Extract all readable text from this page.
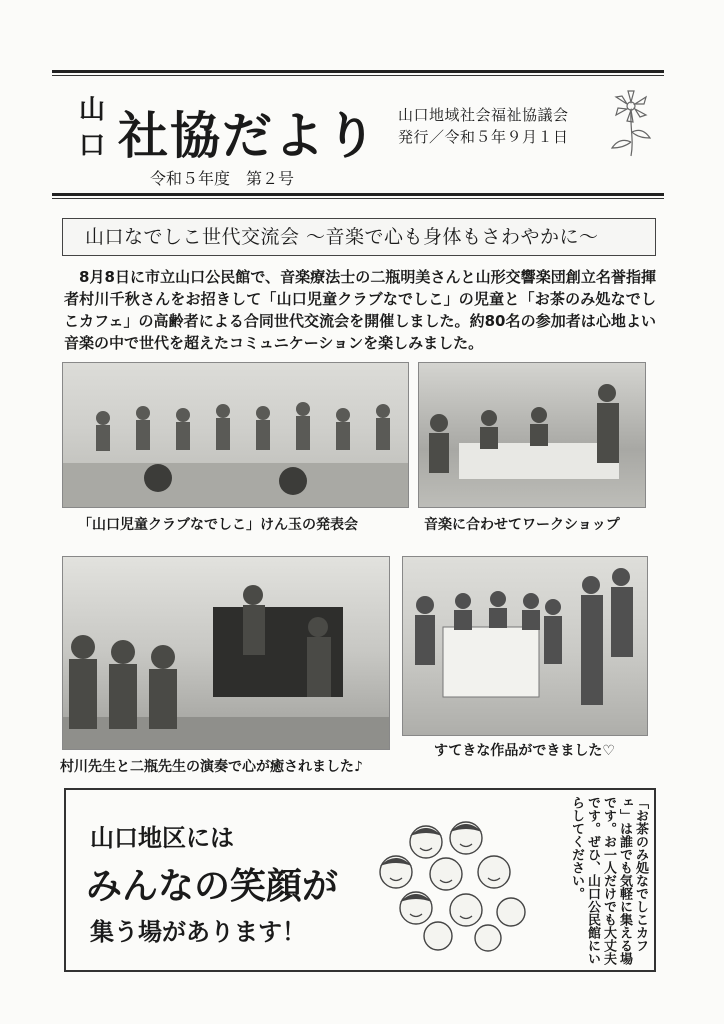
山口 社協だより 山口地域社会福祉協議会
発行／令和５年９月１日
令和５年度　第２号
山口なでしこ世代交流会 ～音楽で心も身体もさわやかに～
8月8日に市立山口公民館で、音楽療法士の二瓶明美さんと山形交響楽団創立名誉指揮者村川千秋さんをお招きして「山口児童クラブなでしこ」の児童と「お茶のみ処なでしこカフェ」の高齢者による合同世代交流会を開催しました。約80名の参加者は心地よい音楽の中で世代を超えたコミュニケーションを楽しみました。
「山口児童クラブなでしこ」けん玉の発表会	音楽に合わせてワークショップ
村川先生と二瓶先生の演奏で心が癒されました♪
すてきな作品ができました♡
山口地区には
みんなの笑顔が
集う場があります！	「お茶のみ処なでしこカフェ」は誰でも気軽に集える場です。お一人だけでも大丈夫です。ぜひ、山口公民館にいらしてください。
